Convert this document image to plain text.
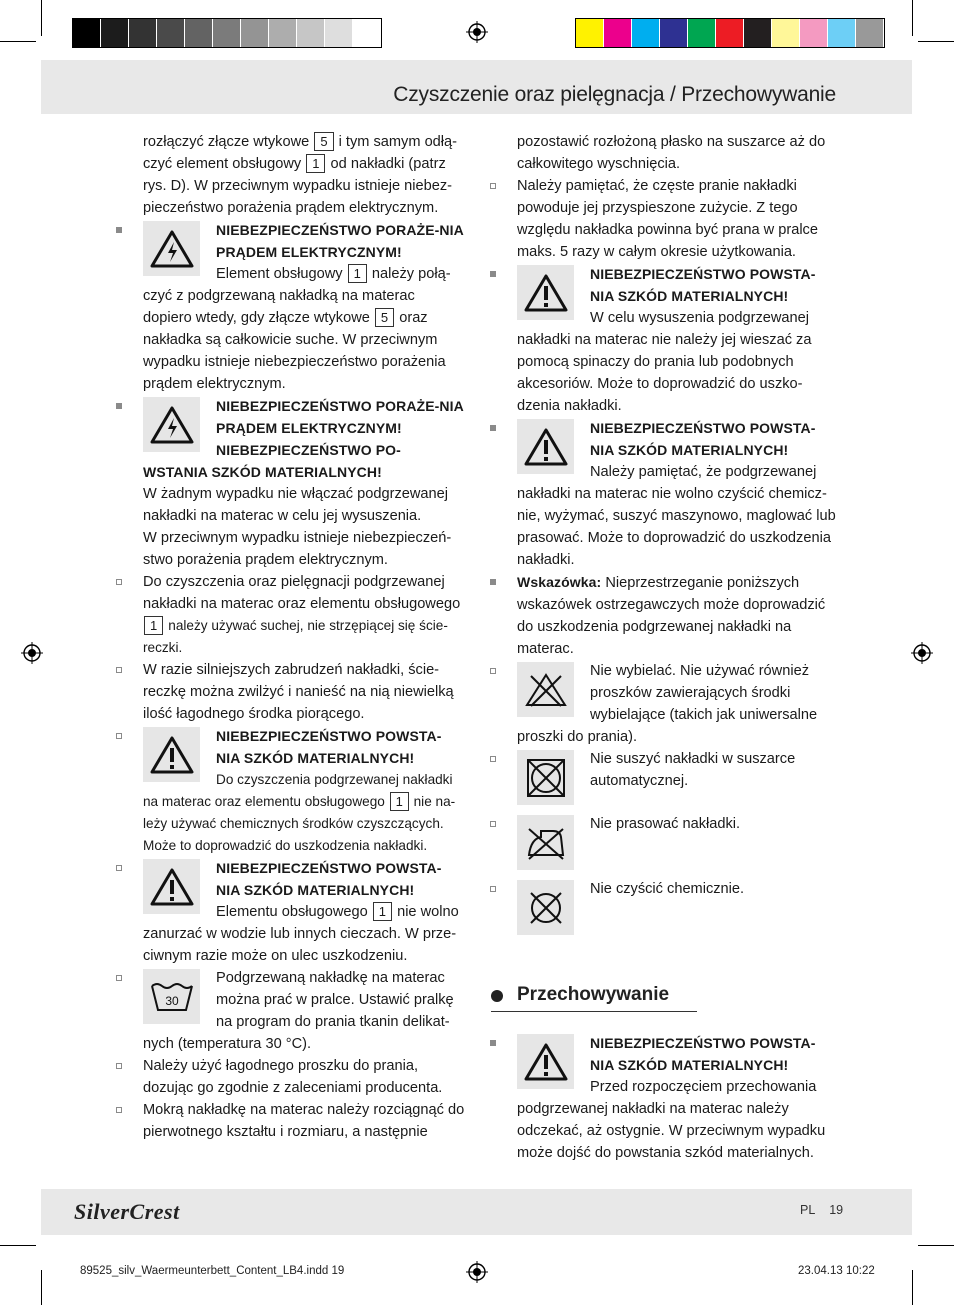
Czyszczenie oraz pielęgnacja / Przechowywanie

rozłączyć złącze wtykowe 5 i tym samym odłą-czyć element obsługowy 1 od nakładki (patrz rys. D). W przeciwnym wypadku istnieje niebez-pieczeństwo porażenia prądem elektrycznym.

NIEBEZPIECZEŃSTWO PORAŻE-NIA PRĄDEM ELEKTRYCZNYM!
Element obsługowy 1 należy połą-czyć z podgrzewaną nakładką na materac dopiero wtedy, gdy złącze wtykowe 5 oraz nakładka są całkowicie suche. W przeciwnym wypadku istnieje niebezpieczeństwo porażenia prądem elektrycznym.
NIEBEZPIECZEŃSTWO PORAŻE-NIA PRĄDEM ELEKTRYCZNYM!
NIEBEZPIECZEŃSTWO PO-WSTANIA SZKÓD MATERIALNYCH!
W żadnym wypadku nie włączać podgrzewanej nakładki na materac w celu jej wysuszenia.
W przeciwnym wypadku istnieje niebezpieczeń-stwo porażenia prądem elektrycznym.
Do czyszczenia oraz pielęgnacji podgrzewanej nakładki na materac oraz elementu obsługowego 1 należy używać suchej, nie strzępiącej się ście-reczki.
W razie silniejszych zabrudzeń nakładki, ście-reczkę można zwilżyć i nanieść na nią niewielką ilość łagodnego środka piorącego.
NIEBEZPIECZEŃSTWO POWSTA-NIA SZKÓD MATERIALNYCH!
Do czyszczenia podgrzewanej nakładki na materac oraz elementu obsługowego 1 nie na-leży używać chemicznych środków czyszczących. Może to doprowadzić do uszkodzenia nakładki.
NIEBEZPIECZEŃSTWO POWSTA-NIA SZKÓD MATERIALNYCH!
Elementu obsługowego 1 nie wolno zanurzać w wodzie lub innych cieczach. W prze-ciwnym razie może on ulec uszkodzeniu.
30
Podgrzewaną nakładkę na materac można prać w pralce. Ustawić pralkę na program do prania tkanin delikat-nych (temperatura 30 °C).
Należy użyć łagodnego proszku do prania, dozując go zgodnie z zaleceniami producenta.
Mokrą nakładkę na materac należy rozciągnąć do pierwotnego kształtu i rozmiaru, a następnie

pozostawić rozłożoną płasko na suszarce aż do całkowitego wyschnięcia.

Należy pamiętać, że częste pranie nakładki powoduje jej przyspieszone zużycie. Z tego względu nakładka powinna być prana w pralce maks. 5 razy w całym okresie użytkowania.
NIEBEZPIECZEŃSTWO POWSTA-NIA SZKÓD MATERIALNYCH!
W celu wysuszenia podgrzewanej nakładki na materac nie należy jej wieszać za pomocą spinaczy do prania lub podobnych akcesoriów. Może to doprowadzić do uszko-dzenia nakładki.
NIEBEZPIECZEŃSTWO POWSTA-NIA SZKÓD MATERIALNYCH!
Należy pamiętać, że podgrzewanej nakładki na materac nie wolno czyścić chemicz-nie, wyżymać, suszyć maszynowo, maglować lub prasować. Może to doprowadzić do uszkodzenia nakładki.
Wskazówka: Nieprzestrzeganie poniższych wskazówek ostrzegawczych może doprowadzić do uszkodzenia podgrzewanej nakładki na materac.
Nie wybielać. Nie używać również proszków zawierających środki wybielające (takich jak uniwersalne proszki do prania).
Nie suszyć nakładki w suszarce automatycznej.
Nie prasować nakładki.
Nie czyścić chemicznie.
Przechowywanie
NIEBEZPIECZEŃSTWO POWSTA-NIA SZKÓD MATERIALNYCH!
Przed rozpoczęciem przechowania podgrzewanej nakładki na materac należy odczekać, aż ostygnie. W przeciwnym wypadku może dojść do powstania szkód materialnych.
SilverCrest	PL 19
89525_silv_Waermeunterbett_Content_LB4.indd 19	23.04.13 10:22
